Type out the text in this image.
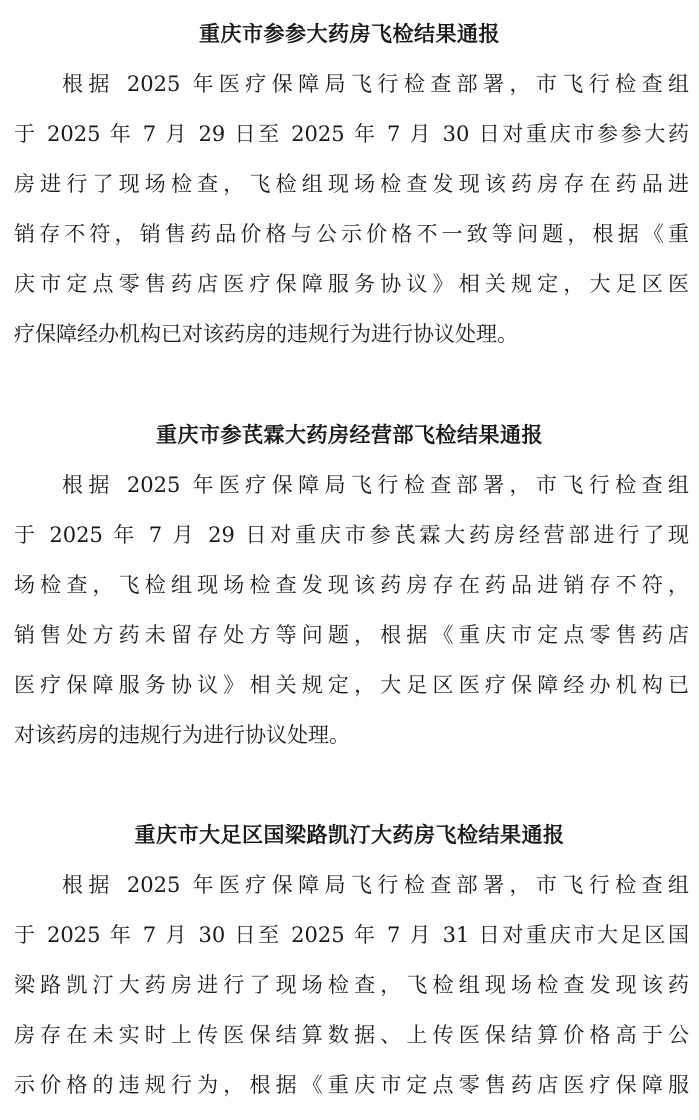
重庆市参参大药房飞检结果通报
根据 2025 年医疗保障局飞行检查部署，市飞行检查组
于 2025 年 7 月 29 日至 2025 年 7 月 30 日对重庆市参参大药
房进行了现场检查，飞检组现场检查发现该药房存在药品进
销存不符，销售药品价格与公示价格不一致等问题，根据《重
庆市定点零售药店医疗保障服务协议》相关规定，大足区医
疗保障经办机构已对该药房的违规行为进行协议处理。
重庆市参芪霖大药房经营部飞检结果通报
根据 2025 年医疗保障局飞行检查部署，市飞行检查组
于 2025 年 7 月 29 日对重庆市参芪霖大药房经营部进行了现
场检查，飞检组现场检查发现该药房存在药品进销存不符，
销售处方药未留存处方等问题，根据《重庆市定点零售药店
医疗保障服务协议》相关规定，大足区医疗保障经办机构已
对该药房的违规行为进行协议处理。
重庆市大足区国梁路凯汀大药房飞检结果通报
根据 2025 年医疗保障局飞行检查部署，市飞行检查组
于 2025 年 7 月 30 日至 2025 年 7 月 31 日对重庆市大足区国
梁路凯汀大药房进行了现场检查，飞检组现场检查发现该药
房存在未实时上传医保结算数据、上传医保结算价格高于公
示价格的违规行为，根据《重庆市定点零售药店医疗保障服
